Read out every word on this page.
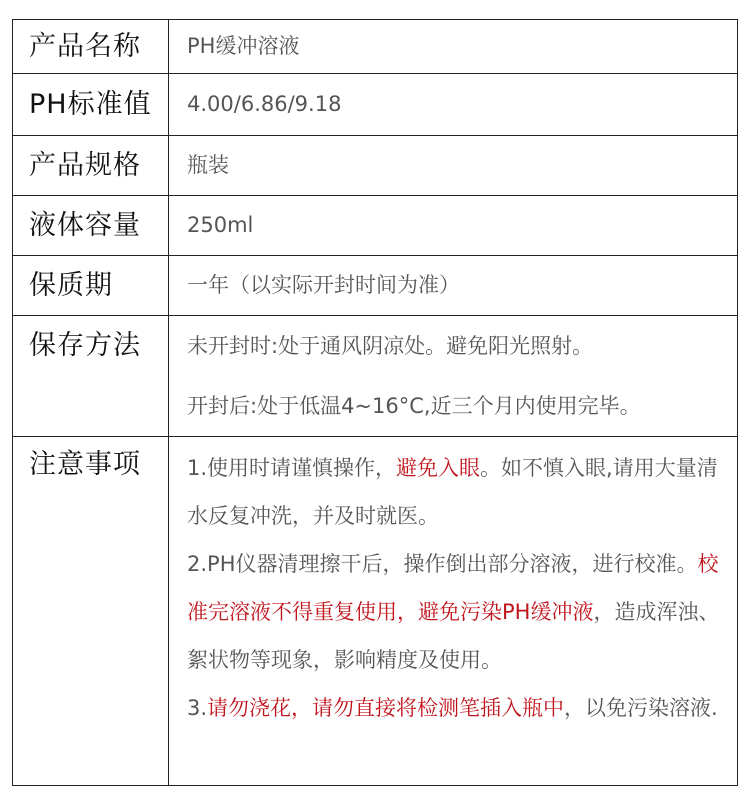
产品名称	PH缓冲溶液
PH标准值	4.00/6.86/9.18
产品规格	瓶装
液体容量	250ml
保质期	一年（以实际开封时间为准）
保存方法	未开封时:处于通风阴凉处。避免阳光照射。
开封后:处于低温4~16°C,近三个月内使用完毕。

注意事项	1.使用时请谨慎操作，避免入眼。如不慎入眼,请用大量清水反复冲洗，并及时就医。
2.PH仪器清理擦干后，操作倒出部分溶液，进行校准。校准完溶液不得重复使用，避免污染PH缓冲液，造成浑浊、絮状物等现象，影响精度及使用。
3.请勿浇花，请勿直接将检测笔插入瓶中，以免污染溶液.
